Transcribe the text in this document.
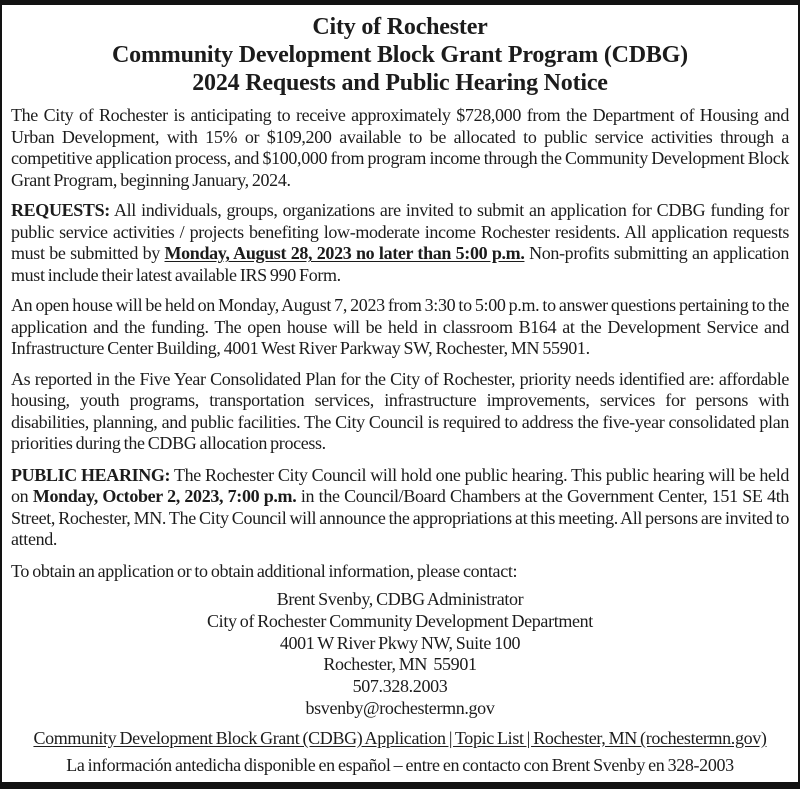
City of Rochester
Community Development Block Grant Program (CDBG)
2024 Requests and Public Hearing Notice

The City of Rochester is anticipating to receive approximately $728,000 from the Department of Housing and Urban Development, with 15% or $109,200 available to be allocated to public service activities through a competitive application process, and $100,000 from program income through the Community Development Block Grant Program, beginning January, 2024.

REQUESTS: All individuals, groups, organizations are invited to submit an application for CDBG funding for public service activities / projects benefiting low-moderate income Rochester residents. All application requests must be submitted by Monday, August 28, 2023 no later than 5:00 p.m. Non-profits submitting an application must include their latest available IRS 990 Form.

An open house will be held on Monday, August 7, 2023 from 3:30 to 5:00 p.m. to answer questions pertaining to the application and the funding. The open house will be held in classroom B164 at the Development Service and Infrastructure Center Building, 4001 West River Parkway SW, Rochester, MN 55901.

As reported in the Five Year Consolidated Plan for the City of Rochester, priority needs identified are: affordable housing, youth programs, transportation services, infrastructure improvements, services for persons with disabilities, planning, and public facilities. The City Council is required to address the five-year consolidated plan priorities during the CDBG allocation process.

PUBLIC HEARING: The Rochester City Council will hold one public hearing. This public hearing will be held on Monday, October 2, 2023, 7:00 p.m. in the Council/Board Chambers at the Government Center, 151 SE 4th Street, Rochester, MN. The City Council will announce the appropriations at this meeting. All persons are invited to attend.

To obtain an application or to obtain additional information, please contact:

Brent Svenby, CDBG Administrator
City of Rochester Community Development Department
4001 W River Pkwy NW, Suite 100
Rochester, MN  55901
507.328.2003
bsvenby@rochestermn.gov
Community Development Block Grant (CDBG) Application | Topic List | Rochester, MN (rochestermn.gov)
La información antedicha disponible en español – entre en contacto con Brent Svenby en 328-2003
